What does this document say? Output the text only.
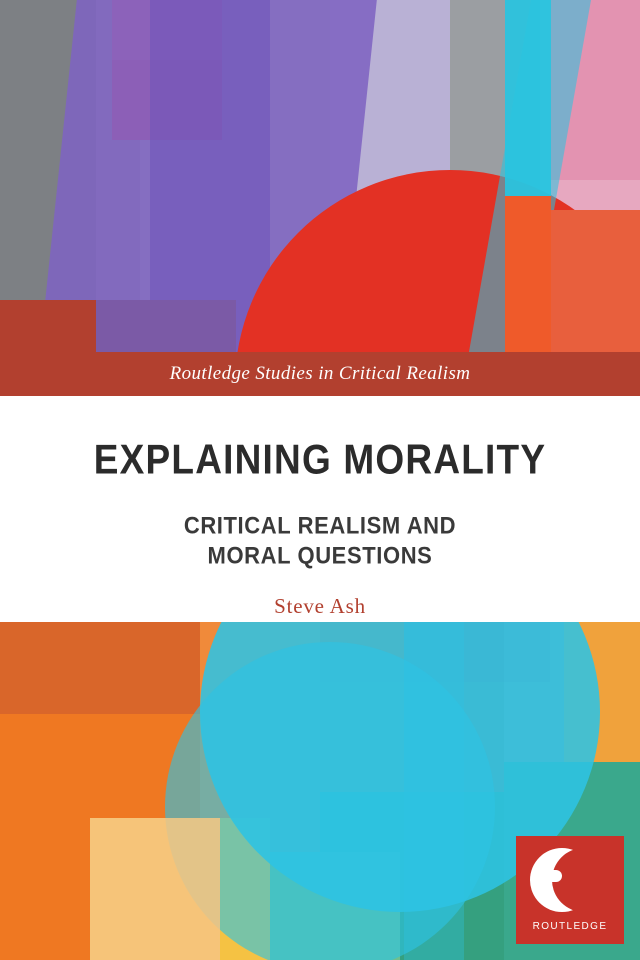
Routledge Studies in Critical Realism
EXPLAINING MORALITY
CRITICAL REALISM AND
MORAL QUESTIONS

Steve Ash

ROUTLEDGE
